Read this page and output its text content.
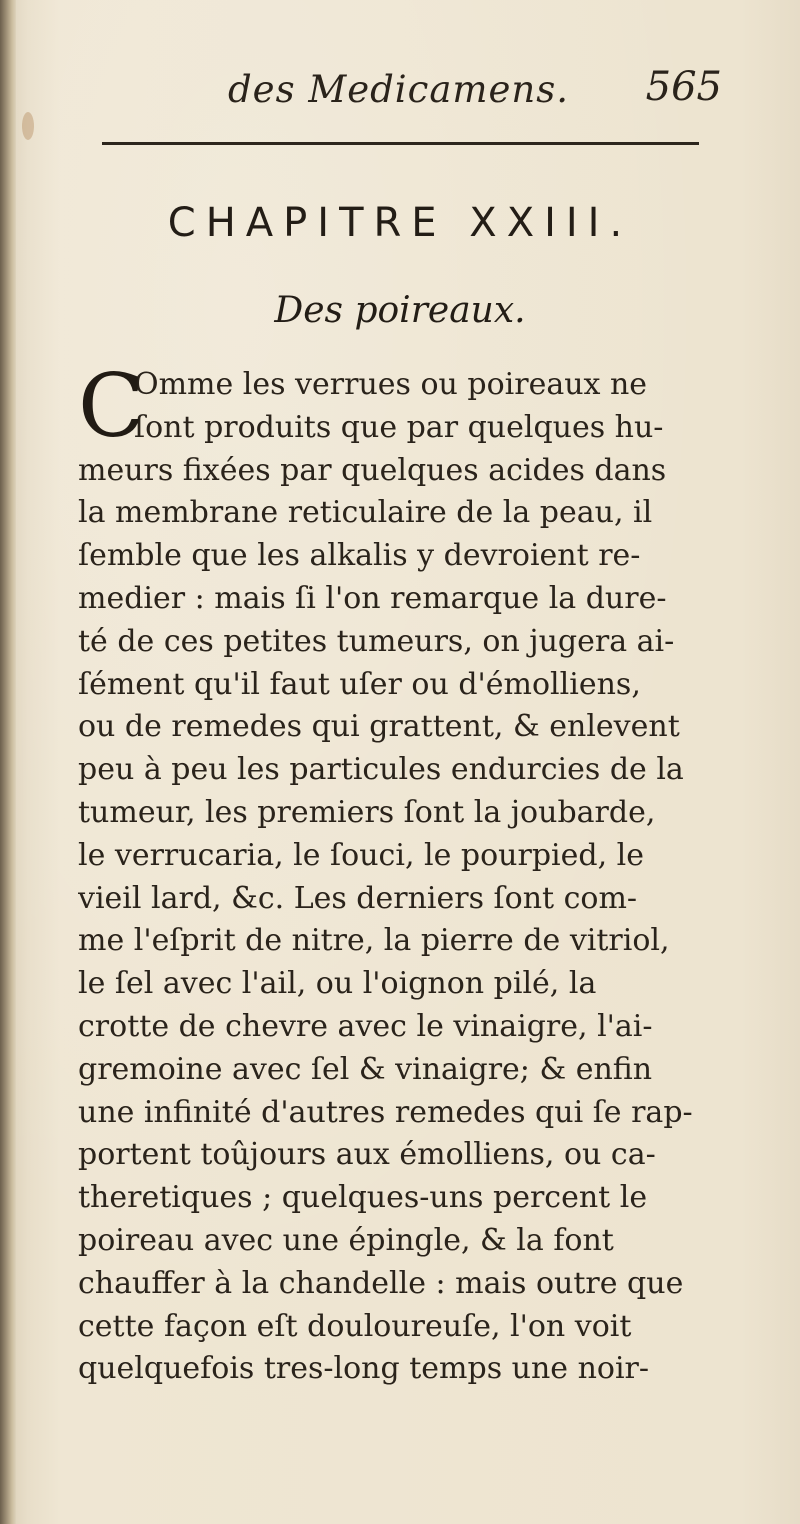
des Medicamens. 565
CHAPITRE XXIII.
Des poireaux.
C
Omme les verrues ou poireaux ne
ſont produits que par quelques hu-
meurs fixées par quelques acides dans
la membrane reticulaire de la peau, il
ſemble que les alkalis y devroient re-
medier : mais ſi l'on remarque la dure-
té de ces petites tumeurs, on jugera ai-
ſément qu'il faut uſer ou d'émolliens,
ou de remedes qui grattent, & enlevent
peu à peu les particules endurcies de la
tumeur, les premiers ſont la joubarde,
le verrucaria, le ſouci, le pourpied, le
vieil lard, &c. Les derniers ſont com-
me l'eſprit de nitre, la pierre de vitriol,
le ſel avec l'ail, ou l'oignon pilé, la
crotte de chevre avec le vinaigre, l'ai-
gremoine avec ſel & vinaigre; & enfin
une infinité d'autres remedes qui ſe rap-
portent toûjours aux émolliens, ou ca-
theretiques ; quelques-uns percent le
poireau avec une épingle, & la font
chauffer à la chandelle : mais outre que
cette façon eſt douloureuſe, l'on voit
quelquefois tres-long temps une noir-
